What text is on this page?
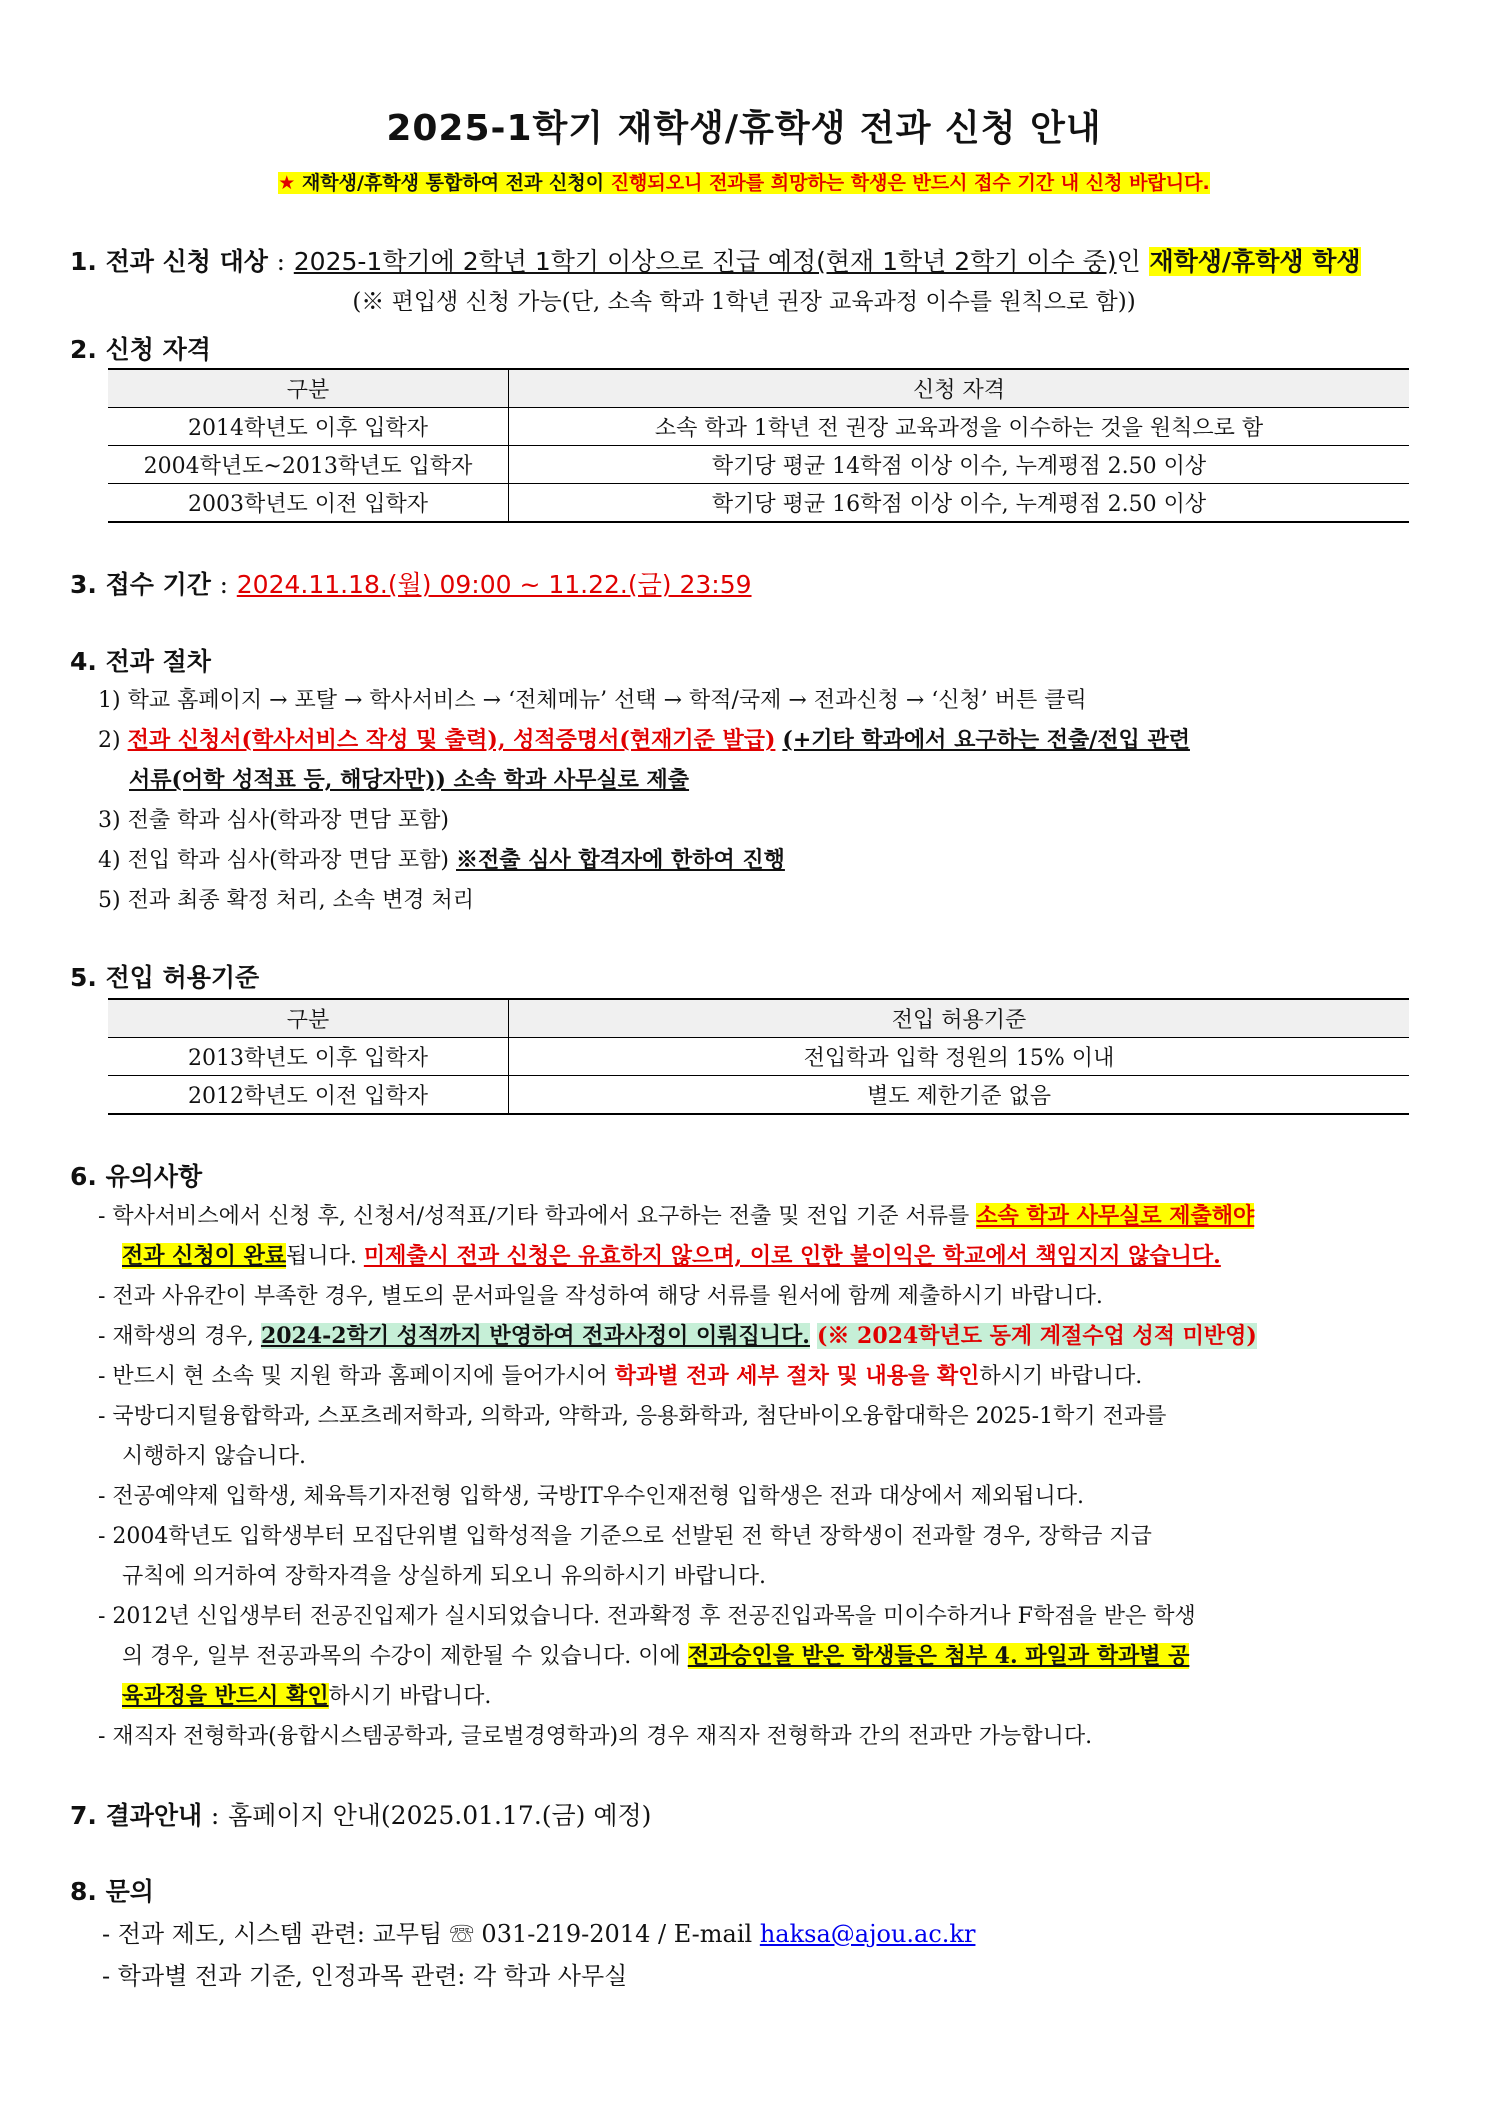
2025-1학기 재학생/휴학생 전과 신청 안내
★ 재학생/휴학생 통합하여 전과 신청이 진행되오니 전과를 희망하는 학생은 반드시 접수 기간 내 신청 바랍니다.
1. 전과 신청 대상 : 2025-1학기에 2학년 1학기 이상으로 진급 예정(현재 1학년 2학기 이수 중)인 재학생/휴학생 학생
(※ 편입생 신청 가능(단, 소속 학과 1학년 권장 교육과정 이수를 원칙으로 함))
2. 신청 자격
구분	신청 자격
2014학년도 이후 입학자	소속 학과 1학년 전 권장 교육과정을 이수하는 것을 원칙으로 함
2004학년도~2013학년도 입학자	학기당 평균 14학점 이상 이수, 누계평점 2.50 이상
2003학년도 이전 입학자	학기당 평균 16학점 이상 이수, 누계평점 2.50 이상
3. 접수 기간 : 2024.11.18.(월) 09:00 ~ 11.22.(금) 23:59
4. 전과 절차
1) 학교 홈페이지 → 포탈 → 학사서비스 → ‘전체메뉴’ 선택 → 학적/국제 → 전과신청 → ‘신청’ 버튼 클릭
2) 전과 신청서(학사서비스 작성 및 출력), 성적증명서(현재기준 발급) (+기타 학과에서 요구하는 전출/전입 관련
서류(어학 성적표 등, 해당자만)) 소속 학과 사무실로 제출
3) 전출 학과 심사(학과장 면담 포함)
4) 전입 학과 심사(학과장 면담 포함) ※전출 심사 합격자에 한하여 진행
5) 전과 최종 확정 처리, 소속 변경 처리
5. 전입 허용기준
구분	전입 허용기준
2013학년도 이후 입학자	전입학과 입학 정원의 15% 이내
2012학년도 이전 입학자	별도 제한기준 없음
6. 유의사항
- 학사서비스에서 신청 후, 신청서/성적표/기타 학과에서 요구하는 전출 및 전입 기준 서류를 소속 학과 사무실로 제출해야
전과 신청이 완료됩니다. 미제출시 전과 신청은 유효하지 않으며, 이로 인한 불이익은 학교에서 책임지지 않습니다.
- 전과 사유칸이 부족한 경우, 별도의 문서파일을 작성하여 해당 서류를 원서에 함께 제출하시기 바랍니다.
- 재학생의 경우, 2024-2학기 성적까지 반영하여 전과사정이 이뤄집니다. (※ 2024학년도 동계 계절수업 성적 미반영)
- 반드시 현 소속 및 지원 학과 홈페이지에 들어가시어 학과별 전과 세부 절차 및 내용을 확인하시기 바랍니다.
- 국방디지털융합학과, 스포츠레저학과, 의학과, 약학과, 응용화학과, 첨단바이오융합대학은 2025-1학기 전과를
시행하지 않습니다.
- 전공예약제 입학생, 체육특기자전형 입학생, 국방IT우수인재전형 입학생은 전과 대상에서 제외됩니다.
- 2004학년도 입학생부터 모집단위별 입학성적을 기준으로 선발된 전 학년 장학생이 전과할 경우, 장학금 지급
규칙에 의거하여 장학자격을 상실하게 되오니 유의하시기 바랍니다.
- 2012년 신입생부터 전공진입제가 실시되었습니다. 전과확정 후 전공진입과목을 미이수하거나 F학점을 받은 학생
의 경우, 일부 전공과목의 수강이 제한될 수 있습니다. 이에 전과승인을 받은 학생들은 첨부 4. 파일과 학과별 공
육과정을 반드시 확인하시기 바랍니다.
- 재직자 전형학과(융합시스템공학과, 글로벌경영학과)의 경우 재직자 전형학과 간의 전과만 가능합니다.
7. 결과안내 : 홈페이지 안내(2025.01.17.(금) 예정)
8. 문의
- 전과 제도, 시스템 관련: 교무팀 ☏ 031-219-2014 / E-mail haksa@ajou.ac.kr
- 학과별 전과 기준, 인정과목 관련: 각 학과 사무실
